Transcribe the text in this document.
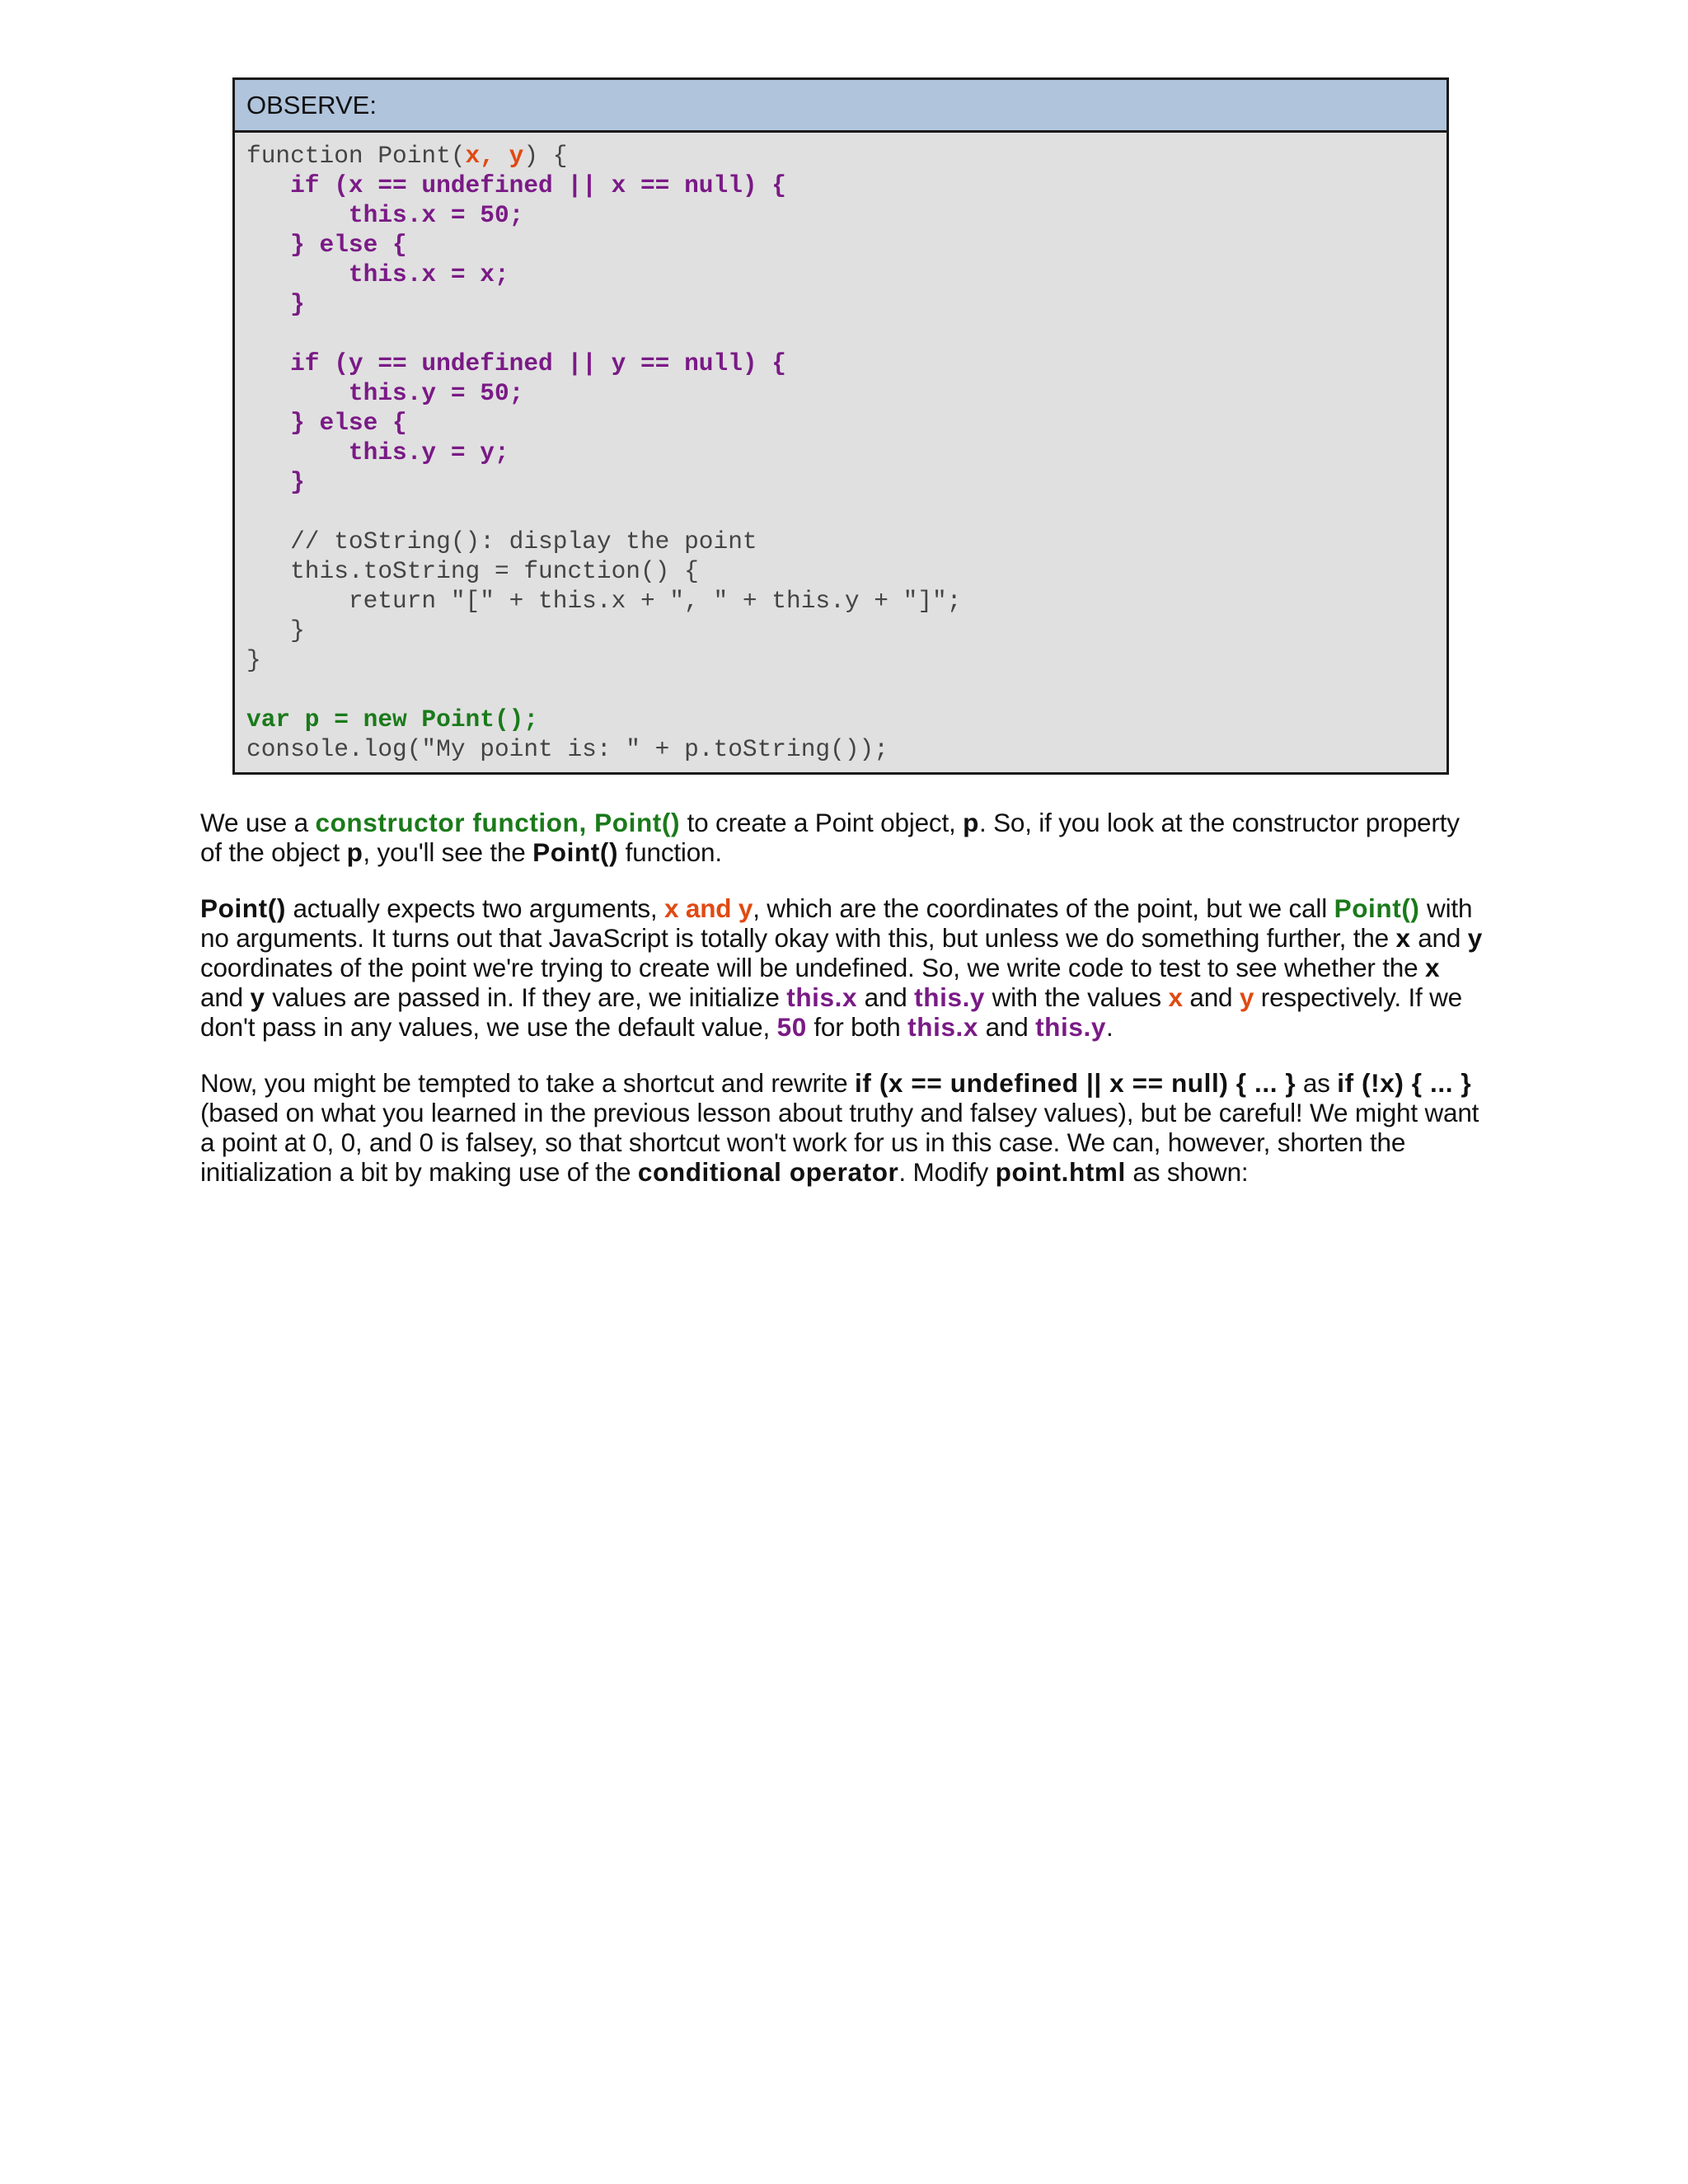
OBSERVE:
function Point(x, y) {
if (x == undefined || x == null) {
this.x = 50;
} else {
this.x = x;
}

if (y == undefined || y == null) {
this.y = 50;
} else {
this.y = y;
}

// toString(): display the point
this.toString = function() {
return "[" + this.x + ", " + this.y + "]";
}
}

var p = new Point();
console.log("My point is: " + p.toString());

We use a constructor function, Point() to create a Point object, p. So, if you look at the constructor property of the object p, you'll see the Point() function.

Point() actually expects two arguments, x and y, which are the coordinates of the point, but we call Point() with no arguments. It turns out that JavaScript is totally okay with this, but unless we do something further, the x and y coordinates of the point we're trying to create will be undefined. So, we write code to test to see whether the x and y values are passed in. If they are, we initialize this.x and this.y with the values x and y respectively. If we don't pass in any values, we use the default value, 50 for both this.x and this.y.

Now, you might be tempted to take a shortcut and rewrite if (x == undefined || x == null) { ... } as if (!x) { ... } (based on what you learned in the previous lesson about truthy and falsey values), but be careful! We might want a point at 0, 0, and 0 is falsey, so that shortcut won't work for us in this case. We can, however, shorten the initialization a bit by making use of the conditional operator. Modify point.html as shown:
